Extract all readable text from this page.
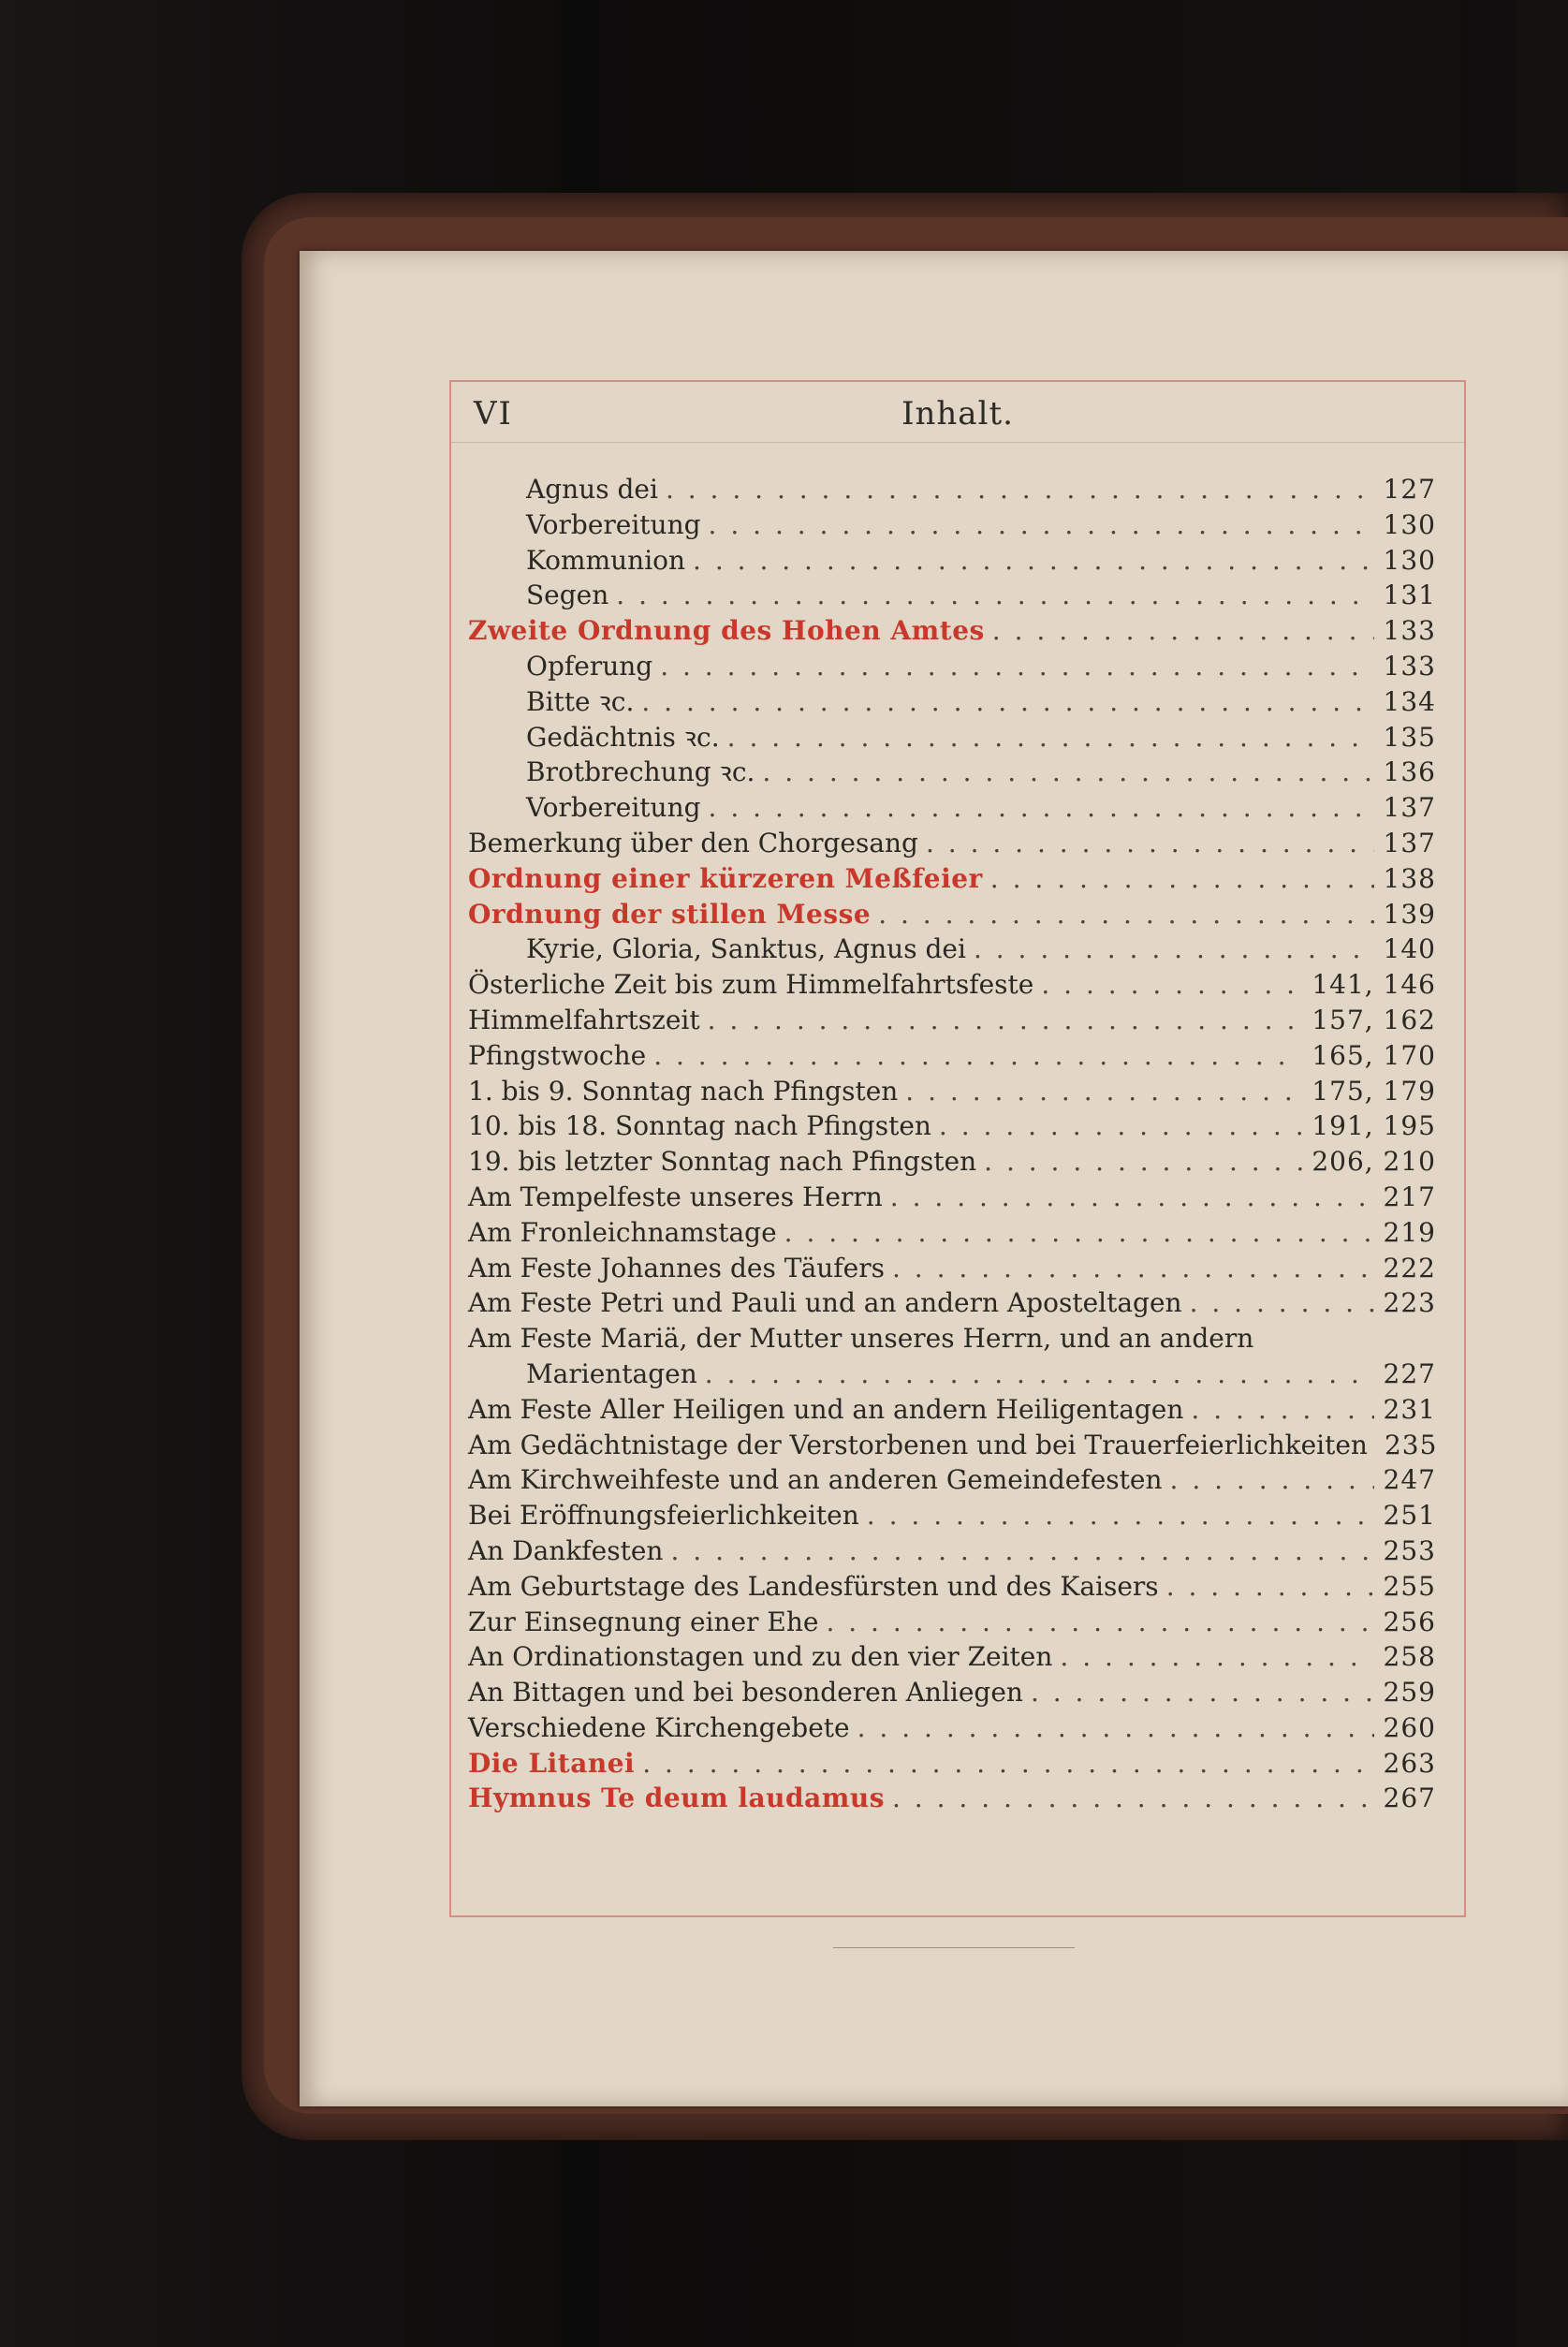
VI	Inhalt.
Agnus dei . . .	127
Vorbereitung . . .	130
Kommunion . . .	130
Segen . . .	131
Zweite Ordnung des Hohen Amtes . . .	133
Opferung . . .	133
Bitte ꝛc. . . .	134
Gedächtnis ꝛc. . . .	135
Brotbrechung ꝛc. . . .	136
Vorbereitung . . .	137
Bemerkung über den Chorgesang . . .	137
Ordnung einer kürzeren Meßfeier . . .	138
Ordnung der stillen Messe . . .	139
Kyrie, Gloria, Sanktus, Agnus dei . . .	140
Österliche Zeit bis zum Himmelfahrtsfeste . . .	141, 146
Himmelfahrtszeit . . .	157, 162
Pfingstwoche . . .	165, 170
1. bis 9. Sonntag nach Pfingsten . . .	175, 179
10. bis 18. Sonntag nach Pfingsten . . .	191, 195
19. bis letzter Sonntag nach Pfingsten . . .	206, 210
Am Tempelfeste unseres Herrn . . .	217
Am Fronleichnamstage . . .	219
Am Feste Johannes des Täufers . . .	222
Am Feste Petri und Pauli und an andern Aposteltagen . . .	223
Am Feste Mariä, der Mutter unseres Herrn, und an andern
Marientagen . . .	227
Am Feste Aller Heiligen und an andern Heiligentagen . . .	231
Am Gedächtnistage der Verstorbenen und bei Trauerfeierlichkeiten 235
Am Kirchweihfeste und an anderen Gemeindefesten . . .	247
Bei Eröffnungsfeierlichkeiten . . .	251
An Dankfesten . . .	253
Am Geburtstage des Landesfürsten und des Kaisers . . .	255
Zur Einsegnung einer Ehe . . .	256
An Ordinationstagen und zu den vier Zeiten . . .	258
An Bittagen und bei besonderen Anliegen . . .	259
Verschiedene Kirchengebete . . .	260
Die Litanei . . .	263
Hymnus Te deum laudamus . . .	267
